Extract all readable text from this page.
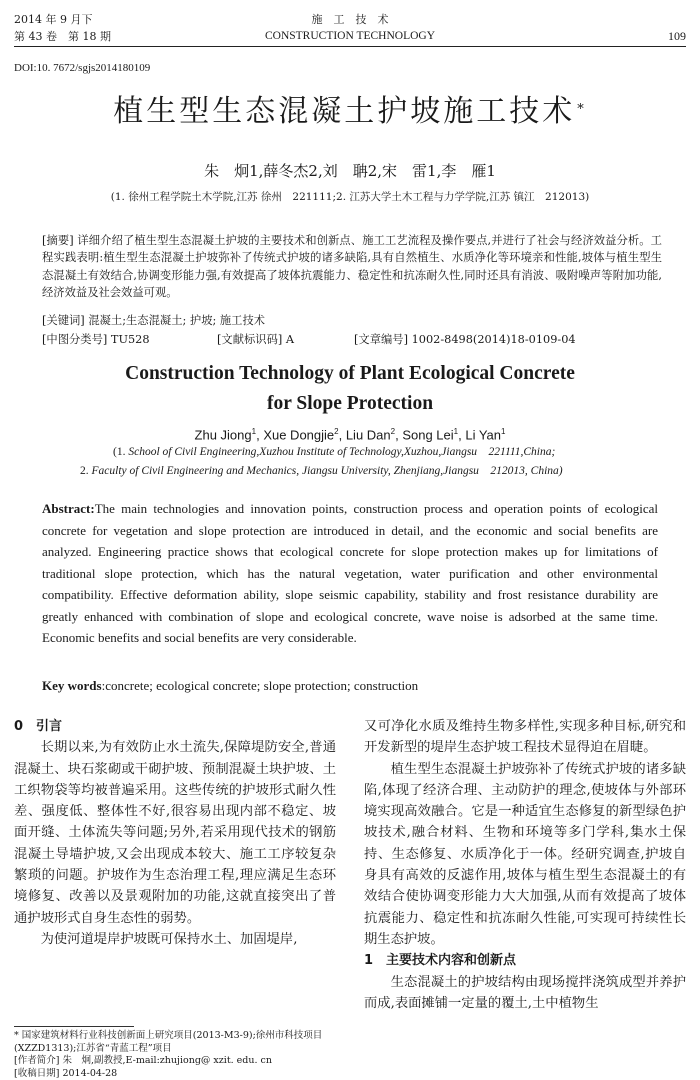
2014 年 9 月下
第 43 卷　第 18 期
施　工　技　术
CONSTRUCTION TECHNOLOGY	109
DOI:10. 7672/sgjs2014180109
植生型生态混凝土护坡施工技术 *
朱　炯1,薛冬杰2,刘　聃2,宋　雷1,李　雁1
(1. 徐州工程学院土木学院,江苏 徐州　221111;2. 江苏大学土木工程与力学学院,江苏 镇江　212013)
[摘要] 详细介绍了植生型生态混凝土护坡的主要技术和创新点、施工工艺流程及操作要点,并进行了社会与经济效益分析。工程实践表明:植生型生态混凝土护坡弥补了传统式护坡的诸多缺陷,具有自然植生、水质净化等环境亲和性能,坡体与植生型生态混凝土有效结合,协调变形能力强,有效提高了坡体抗震能力、稳定性和抗冻耐久性,同时还具有消波、吸附噪声等附加功能,经济效益及社会效益可观。
[关键词] 混凝土;生态混凝土; 护坡; 施工技术
[中图分类号] TU528	[文献标识码] A	[文章编号] 1002-8498(2014)18-0109-04
Construction Technology of Plant Ecological Concrete
for Slope Protection
Zhu Jiong$^1$, Xue Dongjie$^2$, Liu Dan$^2$, Song Lei$^1$, Li Yan$^1$
(1. School of Civil Engineering,Xuzhou Institute of Technology,Xuzhou,Jiangsu　221111,China;
2. Faculty of Civil Engineering and Mechanics, Jiangsu University, Zhenjiang,Jiangsu　212013, China)
Abstract:The main technologies and innovation points, construction process and operation points of ecological concrete for vegetation and slope protection are introduced in detail, and the economic and social benefits are analyzed. Engineering practice shows that ecological concrete for slope protection makes up for limitations of traditional slope protection, which has the natural vegetation, water purification and other environmental compatibility. Effective deformation ability, slope seismic capability, stability and frost resistance durability are greatly enhanced with combination of slope and ecological concrete, wave noise is adsorbed at the same time. Economic benefits and social benefits are very considerable.
Key words:concrete; ecological concrete; slope protection; construction
0　引言

长期以来,为有效防止水土流失,保障堤防安全,普通混凝土、块石浆砌或干砌护坡、预制混凝土块护坡、土工织物袋等均被普遍采用。这些传统的护坡形式耐久性差、强度低、整体性不好,很容易出现内部不稳定、坡面开缝、土体流失等问题;另外,若采用现代技术的钢筋混凝土导墙护坡,又会出现成本较大、施工工序较复杂繁琐的问题。护坡作为生态治理工程,理应满足生态环境修复、改善以及景观附加的功能,这就直接突出了普通护坡形式自身生态性的弱势。

为使河道堤岸护坡既可保持水土、加固堤岸,

又可净化水质及维持生物多样性,实现多种目标,研究和开发新型的堤岸生态护坡工程技术显得迫在眉睫。

植生型生态混凝土护坡弥补了传统式护坡的诸多缺陷,体现了经济合理、主动防护的理念,使坡体与外部环境实现高效融合。它是一种适宜生态修复的新型绿色护坡技术,融合材料、生物和环境等多门学科,集水土保持、生态修复、水质净化于一体。经研究调查,护坡自身具有高效的反滤作用,坡体与植生型生态混凝土的有效结合使协调变形能力大大加强,从而有效提高了坡体抗震能力、稳定性和抗冻耐久性能,可实现可持续性长期生态护坡。

1　主要技术内容和创新点

生态混凝土的护坡结构由现场搅拌浇筑成型并养护而成,表面摊铺一定量的覆土,土中植物生

* 国家建筑材料行业科技创新面上研究项目(2013-M3-9);徐州市科技项目(XZZD1313);江苏省“青蓝工程”项目
[作者简介] 朱　炯,副教授,E-mail:zhujiong@ xzit. edu. cn
[收稿日期] 2014-04-28
